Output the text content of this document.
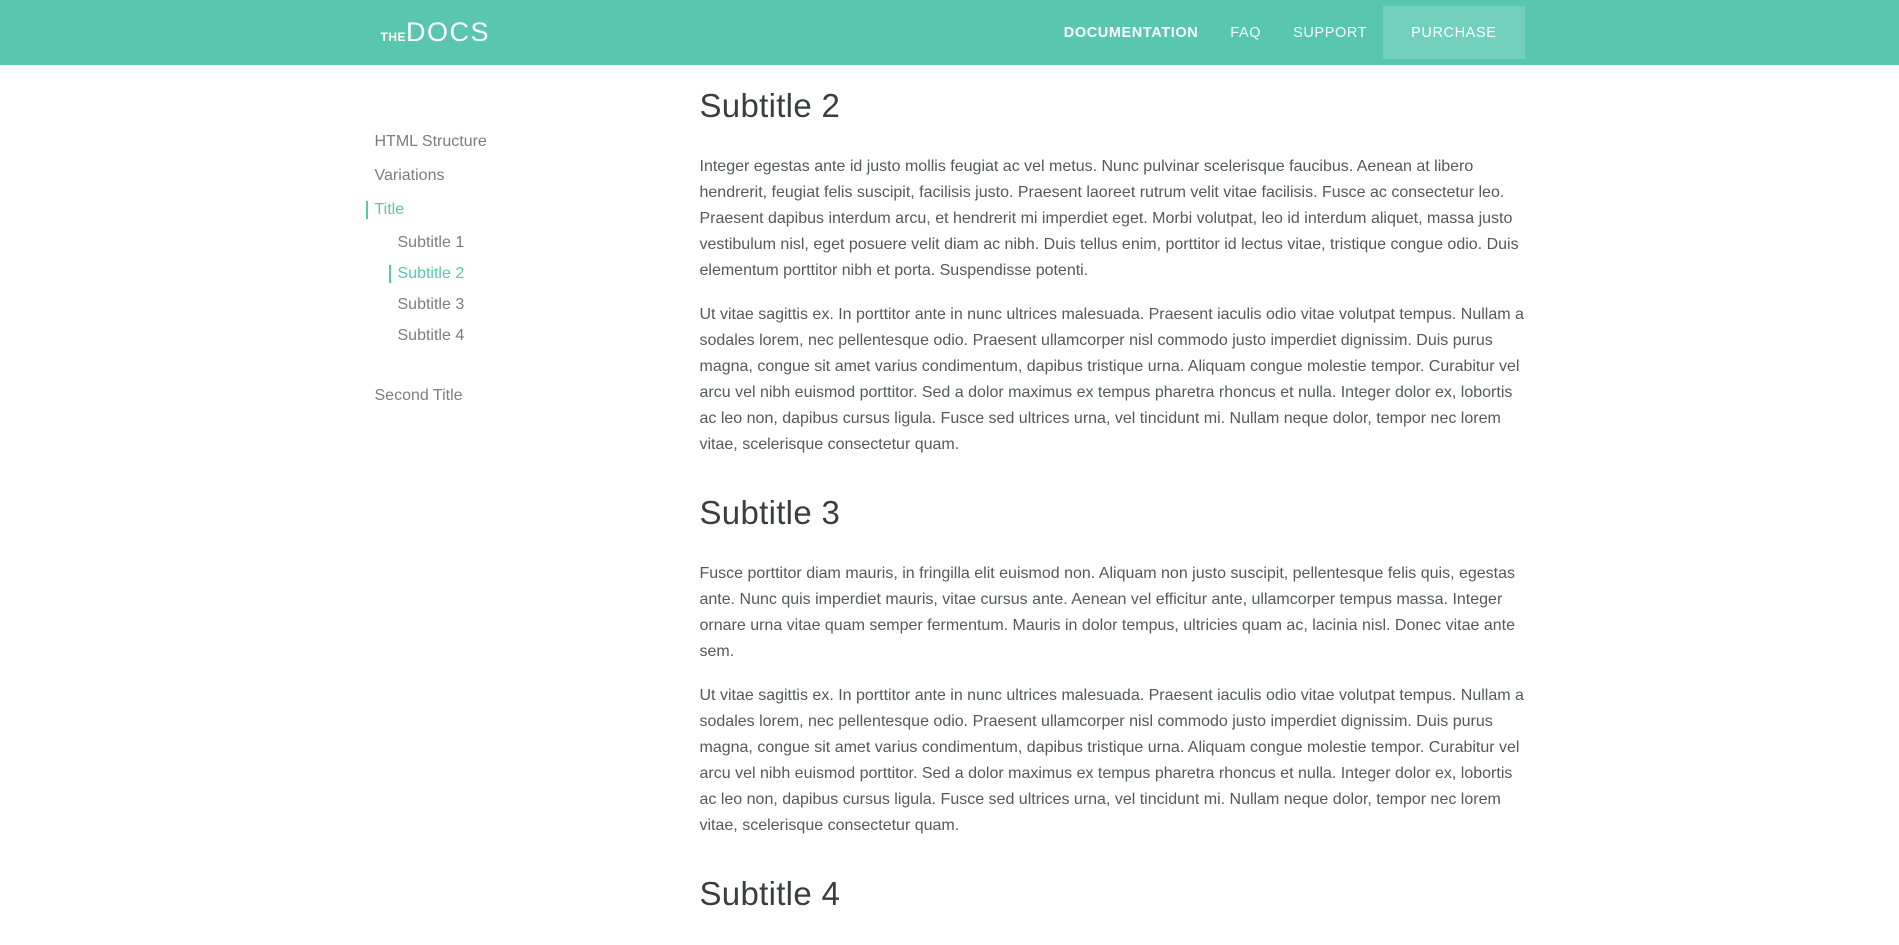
THE DOCS	DOCUMENTATION	FAQ	SUPPORT	PURCHASE
HTML Structure
Variations
Title
Subtitle 1
Subtitle 2
Subtitle 3
Subtitle 4
Second Title
Subtitle 2

Integer egestas ante id justo mollis feugiat ac vel metus. Nunc pulvinar scelerisque faucibus. Aenean at libero hendrerit, feugiat felis suscipit, facilisis justo. Praesent laoreet rutrum velit vitae facilisis. Fusce ac consectetur leo. Praesent dapibus interdum arcu, et hendrerit mi imperdiet eget. Morbi volutpat, leo id interdum aliquet, massa justo vestibulum nisl, eget posuere velit diam ac nibh. Duis tellus enim, porttitor id lectus vitae, tristique congue odio. Duis elementum porttitor nibh et porta. Suspendisse potenti.

Ut vitae sagittis ex. In porttitor ante in nunc ultrices malesuada. Praesent iaculis odio vitae volutpat tempus. Nullam a sodales lorem, nec pellentesque odio. Praesent ullamcorper nisl commodo justo imperdiet dignissim. Duis purus magna, congue sit amet varius condimentum, dapibus tristique urna. Aliquam congue molestie tempor. Curabitur vel arcu vel nibh euismod porttitor. Sed a dolor maximus ex tempus pharetra rhoncus et nulla. Integer dolor ex, lobortis ac leo non, dapibus cursus ligula. Fusce sed ultrices urna, vel tincidunt mi. Nullam neque dolor, tempor nec lorem vitae, scelerisque consectetur quam.

Subtitle 3

Fusce porttitor diam mauris, in fringilla elit euismod non. Aliquam non justo suscipit, pellentesque felis quis, egestas ante. Nunc quis imperdiet mauris, vitae cursus ante. Aenean vel efficitur ante, ullamcorper tempus massa. Integer ornare urna vitae quam semper fermentum. Mauris in dolor tempus, ultricies quam ac, lacinia nisl. Donec vitae ante sem.

Ut vitae sagittis ex. In porttitor ante in nunc ultrices malesuada. Praesent iaculis odio vitae volutpat tempus. Nullam a sodales lorem, nec pellentesque odio. Praesent ullamcorper nisl commodo justo imperdiet dignissim. Duis purus magna, congue sit amet varius condimentum, dapibus tristique urna. Aliquam congue molestie tempor. Curabitur vel arcu vel nibh euismod porttitor. Sed a dolor maximus ex tempus pharetra rhoncus et nulla. Integer dolor ex, lobortis ac leo non, dapibus cursus ligula. Fusce sed ultrices urna, vel tincidunt mi. Nullam neque dolor, tempor nec lorem vitae, scelerisque consectetur quam.

Subtitle 4
